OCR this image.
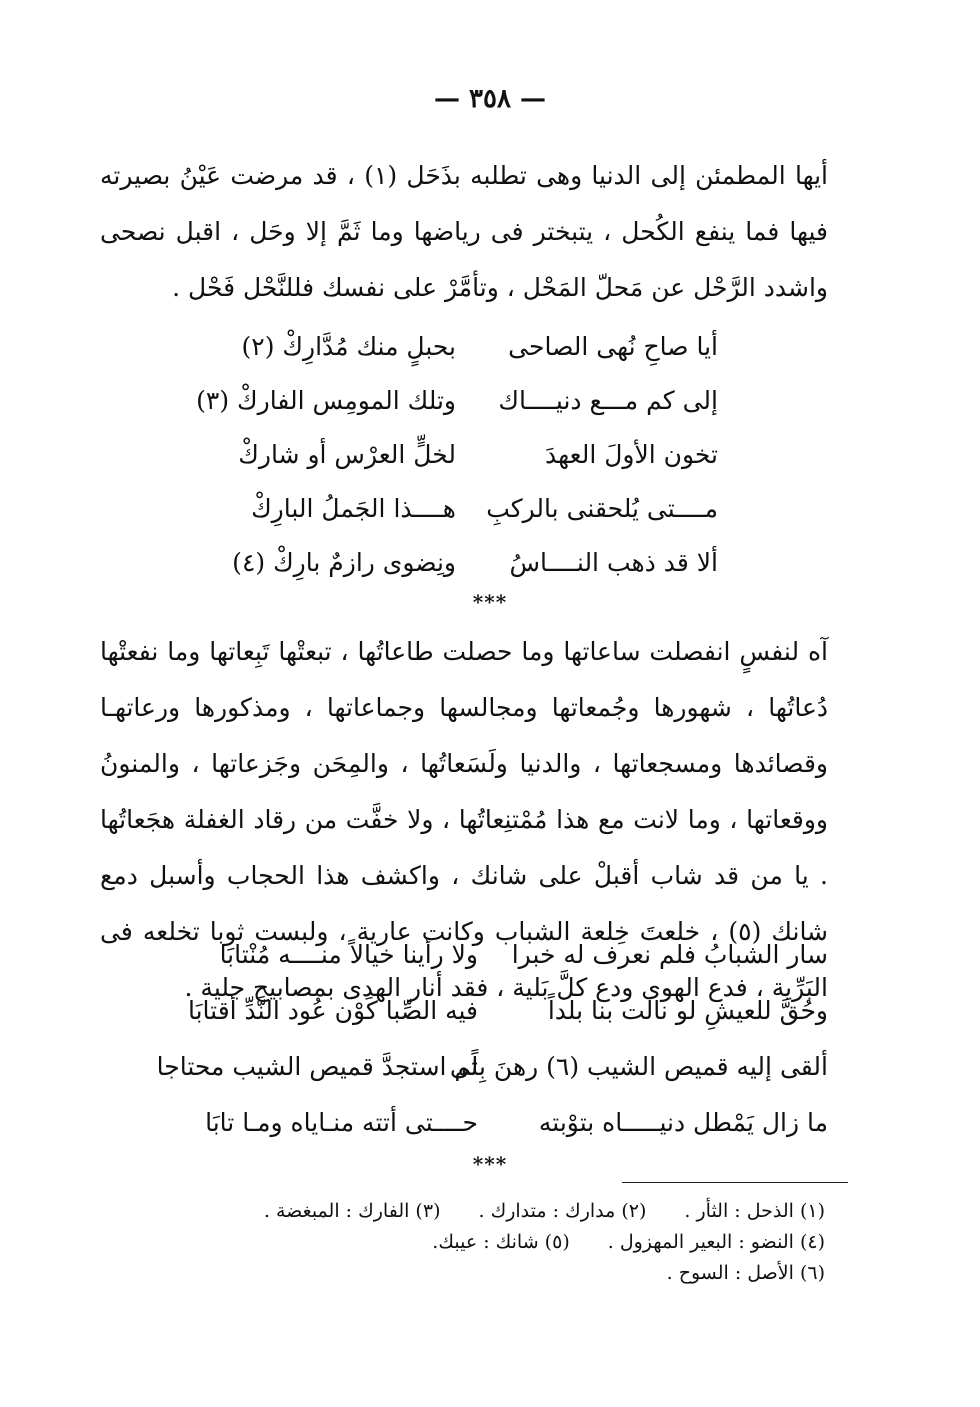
— ٣٥٨ —
أيها المطمئن إلى الدنيا وهى تطلبه بذَحَل (١) ، قد مرضت عَيْنُ بصيرته فيها فما ينفع الكُحل ، يتبختر فى رياضها وما ثَمَّ إلا وحَل ، اقبل نصحى واشدد الرَّحْل عن مَحلّ المَحْل ، وتأمَّرْ على نفسك فللنَّحْل فَحْل .
أيا صاحِ نُهى الصاحى
بحبلٍ منك مُدَّارِكْ (٢)
إلى كم مـــع دنيــــاك
وتلك المومِس الفاركْ (٣)
تخون الأولَ العهدَ
لخلٍّ العرْس أو شاركْ
مــــتى يُلحقنى بالركبِ
هــــذا الجَملُ البارِكْ
ألا قد ذهب النــــاسُ
ونِضوى رازمٌ بارِكْ (٤)
***
آه لنفسٍ انفصلت ساعاتها وما حصلت طاعاتُها ، تبعتْها تَبِعاتها وما نفعتْها دُعاتُها ، شهورها وجُمعاتها ومجالسها وجماعاتها ، ومذكورها ورعاتهـا وقصائدها ومسجعاتها ، والدنيا ولَسَعاتُها ، والمِحَن وجَزعاتها ، والمنونُ ووقعاتها ، وما لانت مع هذا مُمْتنِعاتُها ، ولا خفَّت من رقاد الغفلة هجَعاتُها . يا من قد شاب أقبلْ على شانك ، واكشف هذا الحجاب وأسبل دمع شانك (٥) ، خلعتَ خِلعة الشباب وكانت عارية ، ولبست ثوبا تخلعه فى البَرِّية ، فدع الهوى ودع كلَّ بَلية ، فقد أنار الهدى بمصابيح جلية .
سار الشبابُ فلم نعرف له خبرا
ولا رأينا خيالاً منــــه مُنْتابَا
وحُقَّ للعيشِ لو نالت بنا بلداً
فيه الصِّبا كَوْن عُود النَّدِّ أقتابَا
ألقى إليه قميص الشيب (٦) رهنَ بِلًى
ثم استجدَّ قميص الشيب محتاجا
ما زال يَمْطل دنيـــــاه بتوْبته
حــــتى أتته منـاياه ومـا تابَا
***
(١) الذحل : الثأر .
(٢) مدارك : متدارك .
(٣) الفارك : المبغضة .
(٤) النضو : البعير المهزول .
(٥) شانك : عيبك.
(٦) الأصل : السوح .
